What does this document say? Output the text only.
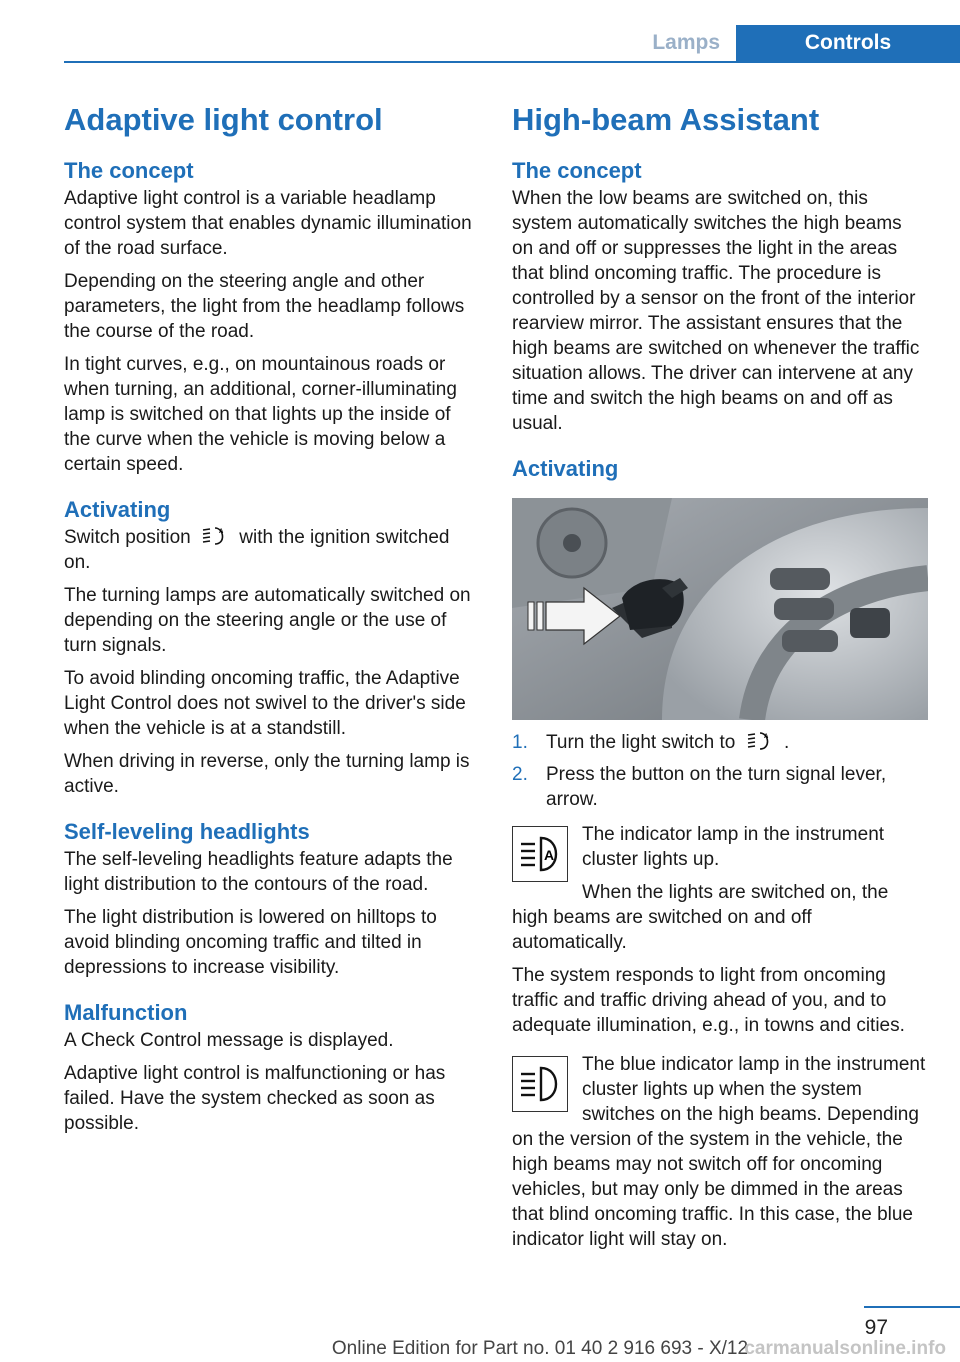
Lamps	Controls
Adaptive light control
The concept

Adaptive light control is a variable headlamp control system that enables dynamic illumination of the road surface.

Depending on the steering angle and other parameters, the light from the headlamp follows the course of the road.

In tight curves, e.g., on mountainous roads or when turning, an additional, corner-illuminating lamp is switched on that lights up the inside of the curve when the vehicle is moving below a certain speed.

Activating

Switch position	A with the ignition switched on.

The turning lamps are automatically switched on depending on the steering angle or the use of turn signals.

To avoid blinding oncoming traffic, the Adaptive Light Control does not swivel to the driver's side when the vehicle is at a standstill.

When driving in reverse, only the turning lamp is active.

Self-leveling headlights

The self-leveling headlights feature adapts the light distribution to the contours of the road.

The light distribution is lowered on hilltops to avoid blinding oncoming traffic and tilted in depressions to increase visibility.

Malfunction

A Check Control message is displayed.

Adaptive light control is malfunctioning or has failed. Have the system checked as soon as possible.

High-beam Assistant
The concept

When the low beams are switched on, this system automatically switches the high beams on and off or suppresses the light in the areas that blind oncoming traffic. The procedure is controlled by a sensor on the front of the interior rearview mirror. The assistant ensures that the high beams are switched on whenever the traffic situation allows. The driver can intervene at any time and switch the high beams on and off as usual.

Activating
1. Turn the light switch to	A .
2. Press the button on the turn signal lever, arrow.
A
The indicator lamp in the instrument cluster lights up.
When the lights are switched on, the high beams are switched on and off automatically.

The system responds to light from oncoming traffic and traffic driving ahead of you, and to adequate illumination, e.g., in towns and cities.

The blue indicator lamp in the instrument cluster lights up when the system switches on the high beams. Depending on the version of the system in the vehicle, the high beams may not switch off for oncoming vehicles, but may only be dimmed in the areas that blind oncoming traffic. In this case, the blue indicator light will stay on.
97
Online Edition for Part no. 01 40 2 916 693 - X/12
carmanualsonline.info
